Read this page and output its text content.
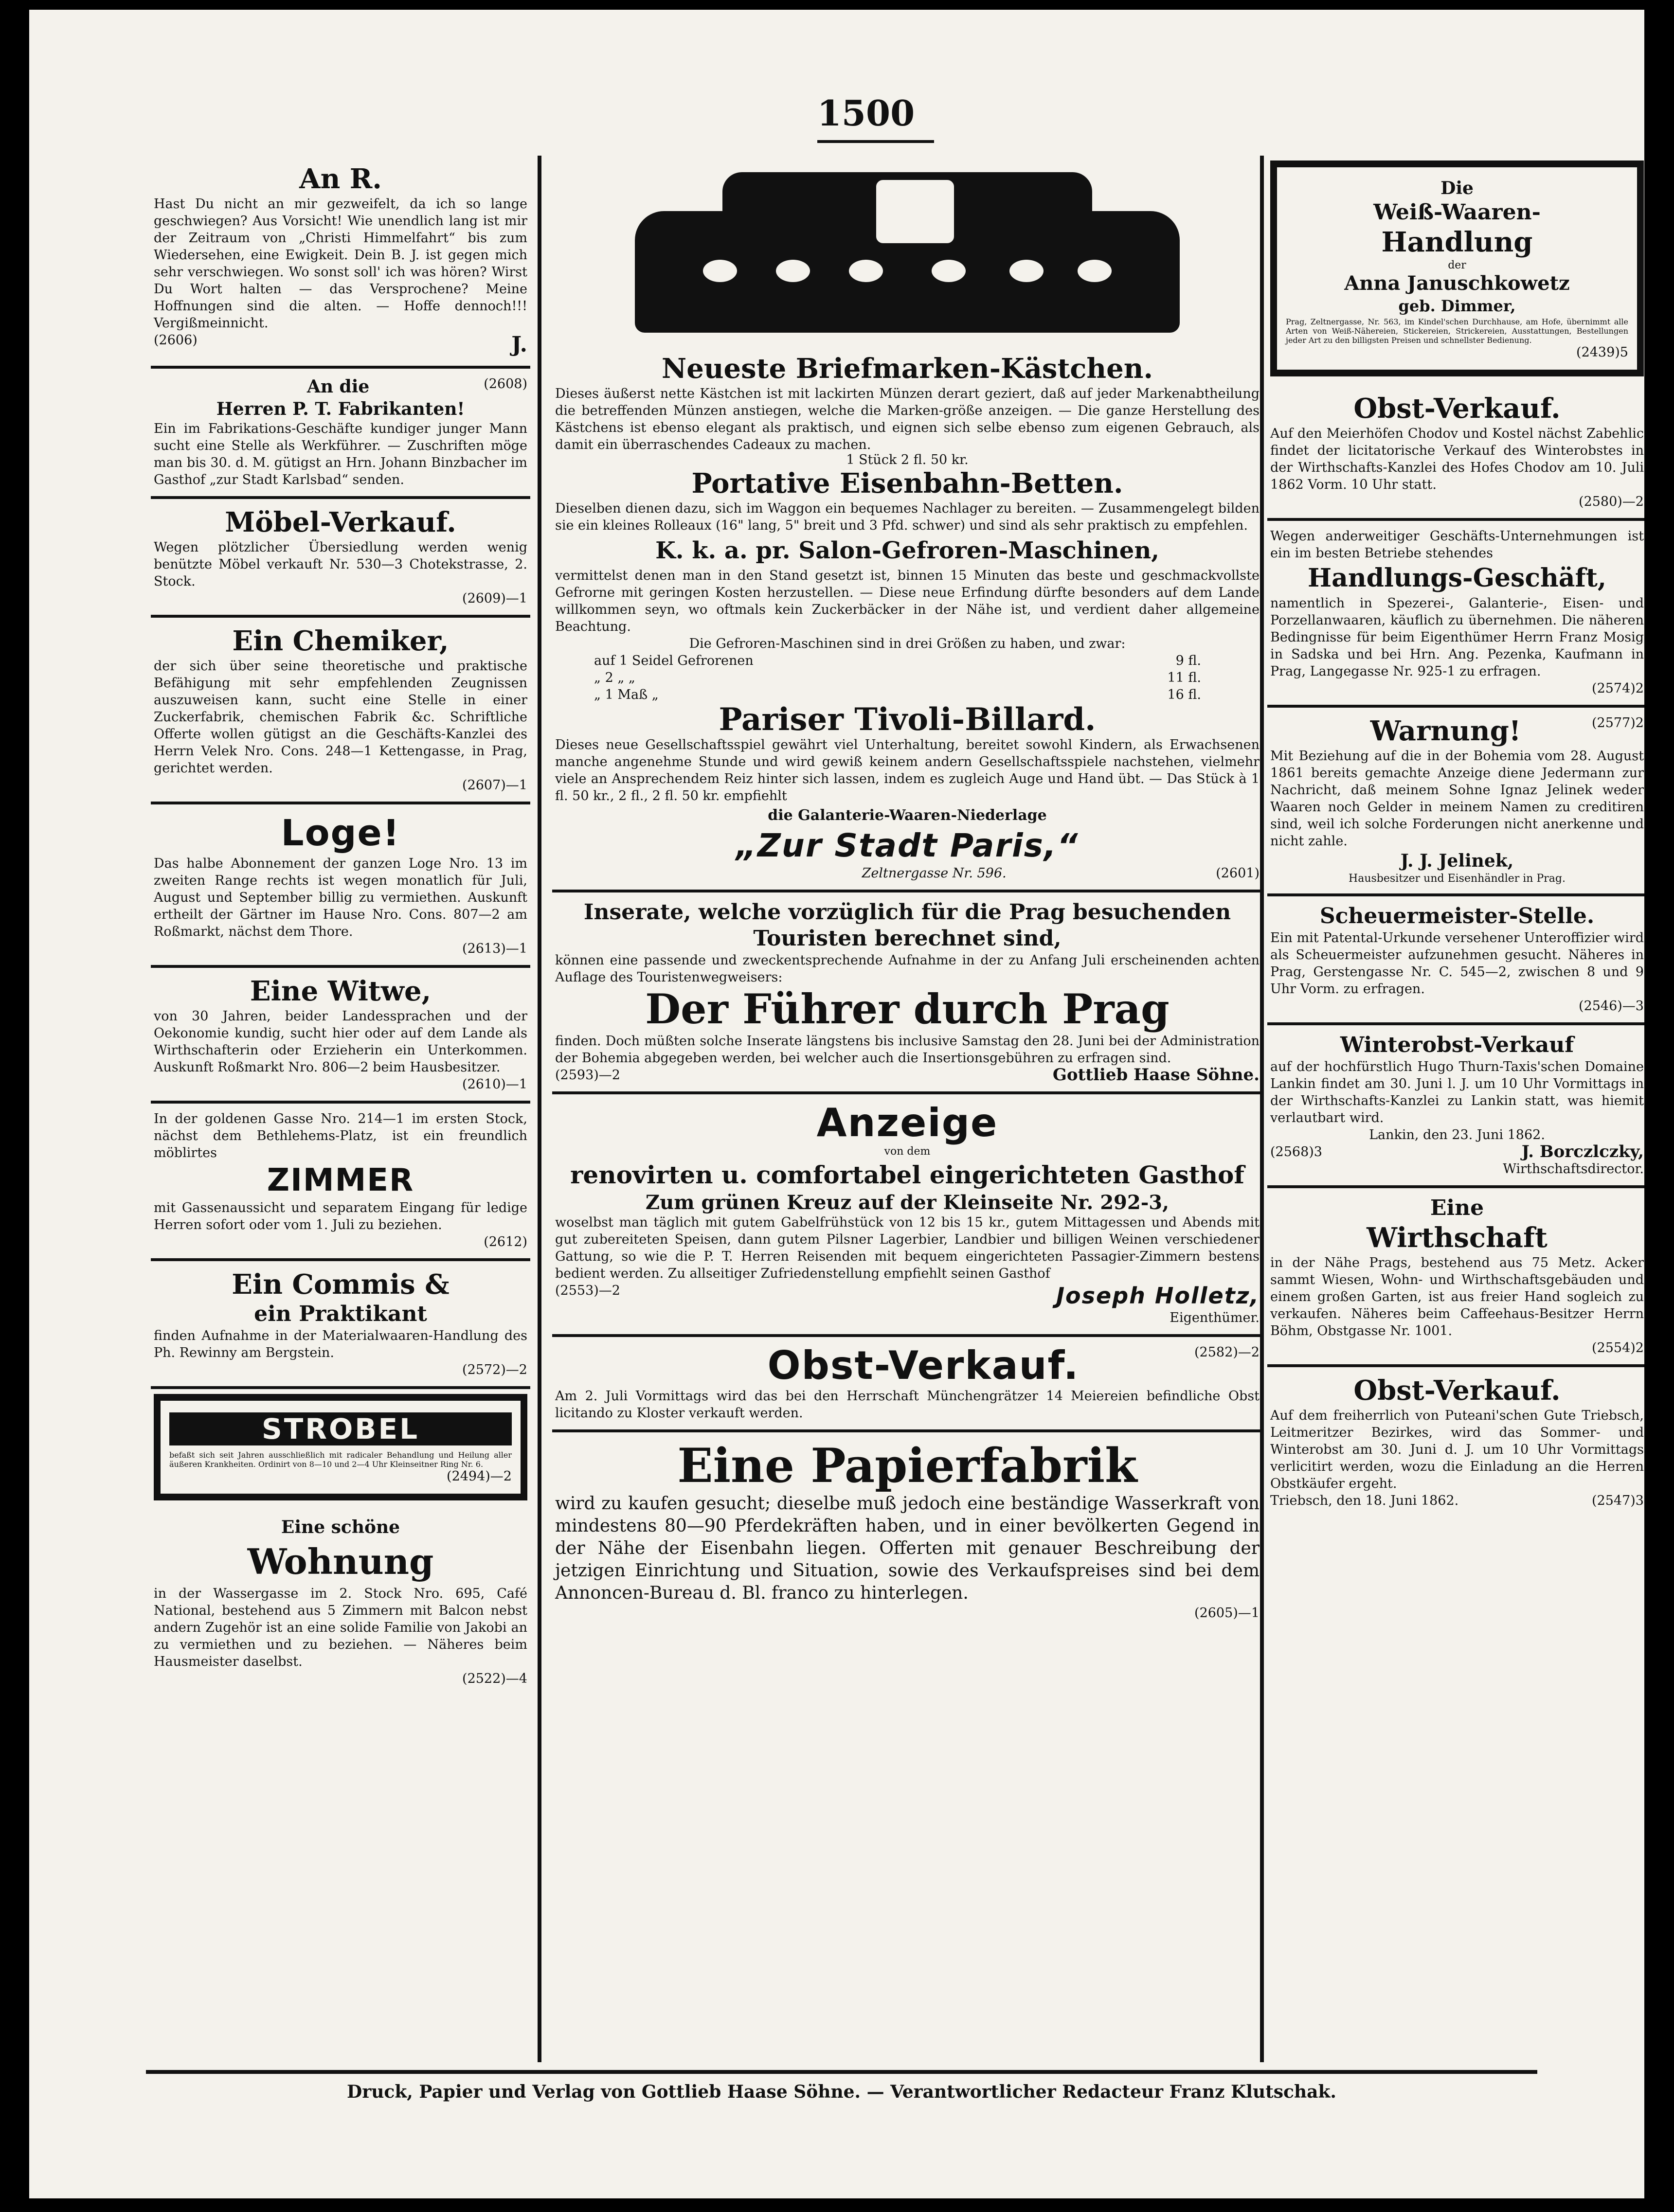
1500
An R.

Hast Du nicht an mir gezweifelt, da ich so lange geschwiegen? Aus Vorsicht! Wie unendlich lang ist mir der Zeitraum von „Christi Himmelfahrt“ bis zum Wiedersehen, eine Ewigkeit. Dein B. J. ist gegen mich sehr verschwiegen. Wo sonst soll' ich was hören? Wirst Du Wort halten — das Versprochene? Meine Hoffnungen sind die alten. — Hoffe dennoch!!! Vergißmeinnicht.

(2606)	J.
An die	(2608)
Herren P. T. Fabrikanten!

Ein im Fabrikations-Geschäfte kundiger junger Mann sucht eine Stelle als Werkführer. — Zuschriften möge man bis 30. d. M. gütigst an Hrn. Johann Binzbacher im Gasthof „zur Stadt Karlsbad“ senden.

Möbel-Verkauf.

Wegen plötzlicher Übersiedlung werden wenig benützte Möbel verkauft Nr. 530—3 Chotekstrasse, 2. Stock.

(2609)—1
Ein Chemiker,

der sich über seine theoretische und praktische Befähigung mit sehr empfehlenden Zeugnissen auszuweisen kann, sucht eine Stelle in einer Zuckerfabrik, chemischen Fabrik &c. Schriftliche Offerte wollen gütigst an die Geschäfts-Kanzlei des Herrn Velek Nro. Cons. 248—1 Kettengasse, in Prag, gerichtet werden.

(2607)—1
Loge!

Das halbe Abonnement der ganzen Loge Nro. 13 im zweiten Range rechts ist wegen monatlich für Juli, August und September billig zu vermiethen. Auskunft ertheilt der Gärtner im Hause Nro. Cons. 807—2 am Roßmarkt, nächst dem Thore.

(2613)—1
Eine Witwe,

von 30 Jahren, beider Landessprachen und der Oekonomie kundig, sucht hier oder auf dem Lande als Wirthschafterin oder Erzieherin ein Unterkommen. Auskunft Roßmarkt Nro. 806—2 beim Hausbesitzer.

(2610)—1

In der goldenen Gasse Nro. 214—1 im ersten Stock, nächst dem Bethlehems-Platz, ist ein freundlich möblirtes

ZIMMER

mit Gassenaussicht und separatem Eingang für ledige Herren sofort oder vom 1. Juli zu beziehen.

(2612)
Ein Commis &
ein Praktikant

finden Aufnahme in der Materialwaaren-Handlung des Ph. Rewinny am Bergstein.

(2572)—2
STROBEL

befaßt sich seit Jahren ausschließlich mit radicaler Behandlung und Heilung aller äußeren Krankheiten. Ordinirt von 8—10 und 2—4 Uhr Kleinseitner Ring Nr. 6.

(2494)—2
Eine schöne
Wohnung

in der Wassergasse im 2. Stock Nro. 695, Café National, bestehend aus 5 Zimmern mit Balcon nebst andern Zugehör ist an eine solide Familie von Jakobi an zu vermiethen und zu beziehen. — Näheres beim Hausmeister daselbst.

(2522)—4
Neueste Briefmarken-Kästchen.

Dieses äußerst nette Kästchen ist mit lackirten Münzen derart geziert, daß auf jeder Markenabtheilung die betreffenden Münzen anstiegen, welche die Marken-größe anzeigen. — Die ganze Herstellung des Kästchens ist ebenso elegant als praktisch, und eignen sich selbe ebenso zum eigenen Gebrauch, als damit ein überraschendes Cadeaux zu machen.

1 Stück 2 fl. 50 kr.
Portative Eisenbahn-Betten.

Dieselben dienen dazu, sich im Waggon ein bequemes Nachlager zu bereiten. — Zusammengelegt bilden sie ein kleines Rolleaux (16" lang, 5" breit und 3 Pfd. schwer) und sind als sehr praktisch zu empfehlen.

K. k. a. pr. Salon-Gefroren-Maschinen,

vermittelst denen man in den Stand gesetzt ist, binnen 15 Minuten das beste und geschmackvollste Gefrorne mit geringen Kosten herzustellen. — Diese neue Erfindung dürfte besonders auf dem Lande willkommen seyn, wo oftmals kein Zuckerbäcker in der Nähe ist, und verdient daher allgemeine Beachtung.

Die Gefroren-Maschinen sind in drei Größen zu haben, und zwar:

auf 1 Seidel Gefrorenen	9 fl.
„ 2 „ „	11 fl.
„ 1 Maß „	16 fl.
Pariser Tivoli-Billard.

Dieses neue Gesellschaftsspiel gewährt viel Unterhaltung, bereitet sowohl Kindern, als Erwachsenen manche angenehme Stunde und wird gewiß keinem andern Gesellschaftsspiele nachstehen, vielmehr viele an Ansprechendem Reiz hinter sich lassen, indem es zugleich Auge und Hand übt. — Das Stück à 1 fl. 50 kr., 2 fl., 2 fl. 50 kr. empfiehlt

die Galanterie-Waaren-Niederlage
„Zur Stadt Paris,“
Zeltnergasse Nr. 596.	(2601)
Inserate, welche vorzüglich für die Prag besuchenden Touristen berechnet sind,

können eine passende und zweckentsprechende Aufnahme in der zu Anfang Juli erscheinenden achten Auflage des Touristenwegweisers:

Der Führer durch Prag

finden. Doch müßten solche Inserate längstens bis inclusive Samstag den 28. Juni bei der Administration der Bohemia abgegeben werden, bei welcher auch die Insertionsgebühren zu erfragen sind.

(2593)—2	Gottlieb Haase Söhne.
Anzeige
von dem
renovirten u. comfortabel eingerichteten Gasthof
Zum grünen Kreuz auf der Kleinseite Nr. 292-3,

woselbst man täglich mit gutem Gabelfrühstück von 12 bis 15 kr., gutem Mittagessen und Abends mit gut zubereiteten Speisen, dann gutem Pilsner Lagerbier, Landbier und billigen Weinen verschiedener Gattung, so wie die P. T. Herren Reisenden mit bequem eingerichteten Passagier-Zimmern bestens bedient werden. Zu allseitiger Zufriedenstellung empfiehlt seinen Gasthof

(2553)—2	Joseph Holletz,
Eigenthümer.
Obst-Verkauf.	(2582)—2

Am 2. Juli Vormittags wird das bei den Herrschaft Münchengrätzer 14 Meiereien befindliche Obst licitando zu Kloster verkauft werden.

Eine Papierfabrik

wird zu kaufen gesucht; dieselbe muß jedoch eine beständige Wasserkraft von mindestens 80—90 Pferdekräften haben, und in einer bevölkerten Gegend in der Nähe der Eisenbahn liegen. Offerten mit genauer Beschreibung der jetzigen Einrichtung und Situation, sowie des Verkaufspreises sind bei dem Annoncen-Bureau d. Bl. franco zu hinterlegen.

(2605)—1
Die
Weiß-Waaren-
Handlung
der
Anna Januschkowetz
geb. Dimmer,

Prag, Zeltnergasse, Nr. 563, im Kindel'schen Durchhause, am Hofe, übernimmt alle Arten von Weiß-Nähereien, Stickereien, Strickereien, Ausstattungen, Bestellungen jeder Art zu den billigsten Preisen und schnellster Bedienung.

(2439)5
Obst-Verkauf.

Auf den Meierhöfen Chodov und Kostel nächst Zabehlic findet der licitatorische Verkauf des Winterobstes in der Wirthschafts-Kanzlei des Hofes Chodov am 10. Juli 1862 Vorm. 10 Uhr statt.

(2580)—2

Wegen anderweitiger Geschäfts-Unternehmungen ist ein im besten Betriebe stehendes

Handlungs-Geschäft,

namentlich in Spezerei-, Galanterie-, Eisen- und Porzellanwaaren, käuflich zu übernehmen. Die näheren Bedingnisse für beim Eigenthümer Herrn Franz Mosig in Sadska und bei Hrn. Ang. Pezenka, Kaufmann in Prag, Langegasse Nr. 925-1 zu erfragen.

(2574)2
Warnung!	(2577)2

Mit Beziehung auf die in der Bohemia vom 28. August 1861 bereits gemachte Anzeige diene Jedermann zur Nachricht, daß meinem Sohne Ignaz Jelinek weder Waaren noch Gelder in meinem Namen zu creditiren sind, weil ich solche Forderungen nicht anerkenne und nicht zahle.

J. J. Jelinek,
Hausbesitzer und Eisenhändler in Prag.
Scheuermeister-Stelle.

Ein mit Patental-Urkunde versehener Unteroffizier wird als Scheuermeister aufzunehmen gesucht. Näheres in Prag, Gerstengasse Nr. C. 545—2, zwischen 8 und 9 Uhr Vorm. zu erfragen.

(2546)—3
Winterobst-Verkauf

auf der hochfürstlich Hugo Thurn-Taxis'schen Domaine Lankin findet am 30. Juni l. J. um 10 Uhr Vormittags in der Wirthschafts-Kanzlei zu Lankin statt, was hiemit verlautbart wird.

Lankin, den 23. Juni 1862.
(2568)3	J. Borczlczky,
Wirthschaftsdirector.
Eine
Wirthschaft

in der Nähe Prags, bestehend aus 75 Metz. Acker sammt Wiesen, Wohn- und Wirthschaftsgebäuden und einem großen Garten, ist aus freier Hand sogleich zu verkaufen. Näheres beim Caffeehaus-Besitzer Herrn Böhm, Obstgasse Nr. 1001.

(2554)2
Obst-Verkauf.

Auf dem freiherrlich von Puteani'schen Gute Triebsch, Leitmeritzer Bezirkes, wird das Sommer- und Winterobst am 30. Juni d. J. um 10 Uhr Vormittags verlicitirt werden, wozu die Einladung an die Herren Obstkäufer ergeht.

Triebsch, den 18. Juni 1862.	(2547)3
Druck, Papier und Verlag von Gottlieb Haase Söhne. — Verantwortlicher Redacteur Franz Klutschak.
